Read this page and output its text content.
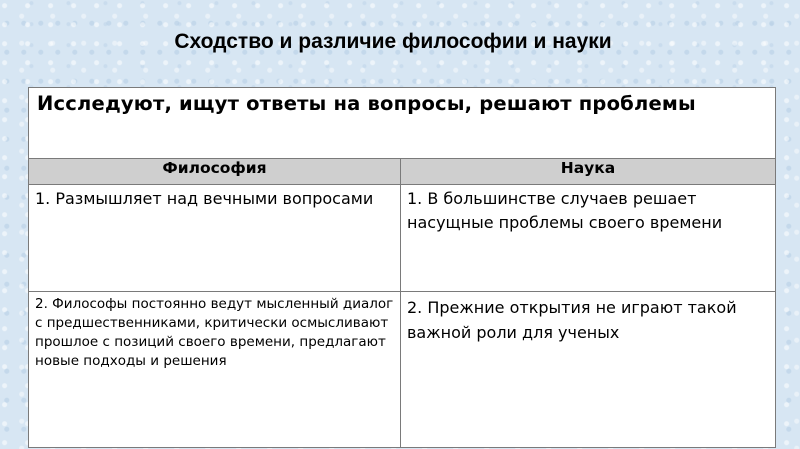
Сходство и различие философии и науки
Исследуют, ищут ответы на вопросы, решают проблемы	
Философия	Наука
1. Размышляет над вечными вопросами	1. В большинстве случаев решает насущные проблемы своего времени
2. Философы постоянно ведут мысленный диалог с предшественниками, критически осмысливают прошлое с позиций своего времени, предлагают новые подходы и решения	2. Прежние открытия не играют такой важной роли для ученых
